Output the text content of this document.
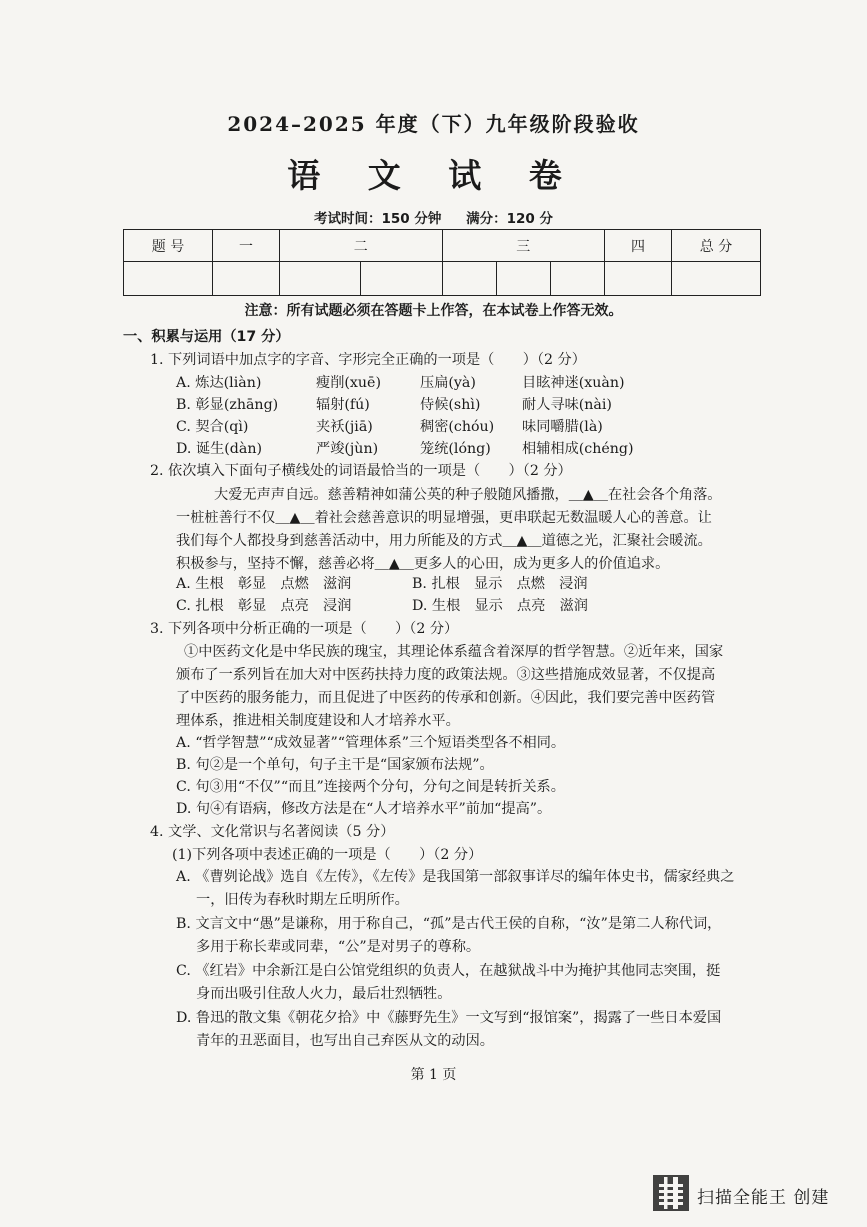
2024–2025 年度（下）九年级阶段验收
语 文 试 卷
考试时间：150 分钟 满分：120 分
题 号	一	二		三			四	总 分

注意：所有试题必须在答题卡上作答，在本试卷上作答无效。
一、积累与运用（17 分）
1. 下列词语中加点字的字音、字形完全正确的一项是（　　）（2 分）
A. 炼达(liàn)	瘦削(xuē)	压扁(yà)	目眩神迷(xuàn)
B. 彰显(zhāng)	辐射(fú)	侍候(shì)	耐人寻味(nài)
C. 契合(qì)	夹袄(jiā)	稠密(chóu) 味同嚼腊(là)
D. 诞生(dàn)	严竣(jùn)	笼统(lóng) 相辅相成(chéng)
2. 依次填入下面句子横线处的词语最恰当的一项是（　　）（2 分）
大爱无声声自远。慈善精神如蒲公英的种子般随风播撒，＿▲＿在社会各个角落。
一桩桩善行不仅＿▲＿着社会慈善意识的明显增强，更串联起无数温暖人心的善意。让
我们每个人都投身到慈善活动中，用力所能及的方式＿▲＿道德之光，汇聚社会暖流。
积极参与，坚持不懈，慈善必将＿▲＿更多人的心田，成为更多人的价值追求。
A. 生根　彰显　点燃　滋润	B. 扎根　显示　点燃　浸润
C. 扎根　彰显　点亮　浸润	D. 生根　显示　点亮　滋润
3. 下列各项中分析正确的一项是（　　）（2 分）
①中医药文化是中华民族的瑰宝，其理论体系蕴含着深厚的哲学智慧。②近年来，国家
颁布了一系列旨在加大对中医药扶持力度的政策法规。③这些措施成效显著，不仅提高
了中医药的服务能力，而且促进了中医药的传承和创新。④因此，我们要完善中医药管
理体系，推进相关制度建设和人才培养水平。
A. “哲学智慧”“成效显著”“管理体系”三个短语类型各不相同。
B. 句②是一个单句，句子主干是“国家颁布法规”。
C. 句③用“不仅”“而且”连接两个分句，分句之间是转折关系。
D. 句④有语病，修改方法是在“人才培养水平”前加“提高”。
4. 文学、文化常识与名著阅读（5 分）
(1)下列各项中表述正确的一项是（　　）（2 分）
A. 《曹刿论战》选自《左传》，《左传》是我国第一部叙事详尽的编年体史书，儒家经典之
一，旧传为春秋时期左丘明所作。
B. 文言文中“愚”是谦称，用于称自己，“孤”是古代王侯的自称，“汝”是第二人称代词，
多用于称长辈或同辈，“公”是对男子的尊称。
C. 《红岩》中余新江是白公馆党组织的负责人，在越狱战斗中为掩护其他同志突围，挺
身而出吸引住敌人火力，最后壮烈牺牲。
D. 鲁迅的散文集《朝花夕拾》中《藤野先生》一文写到“报馆案”，揭露了一些日本爱国
青年的丑恶面目，也写出自己弃医从文的动因。
第 1 页
扫描全能王 创建
